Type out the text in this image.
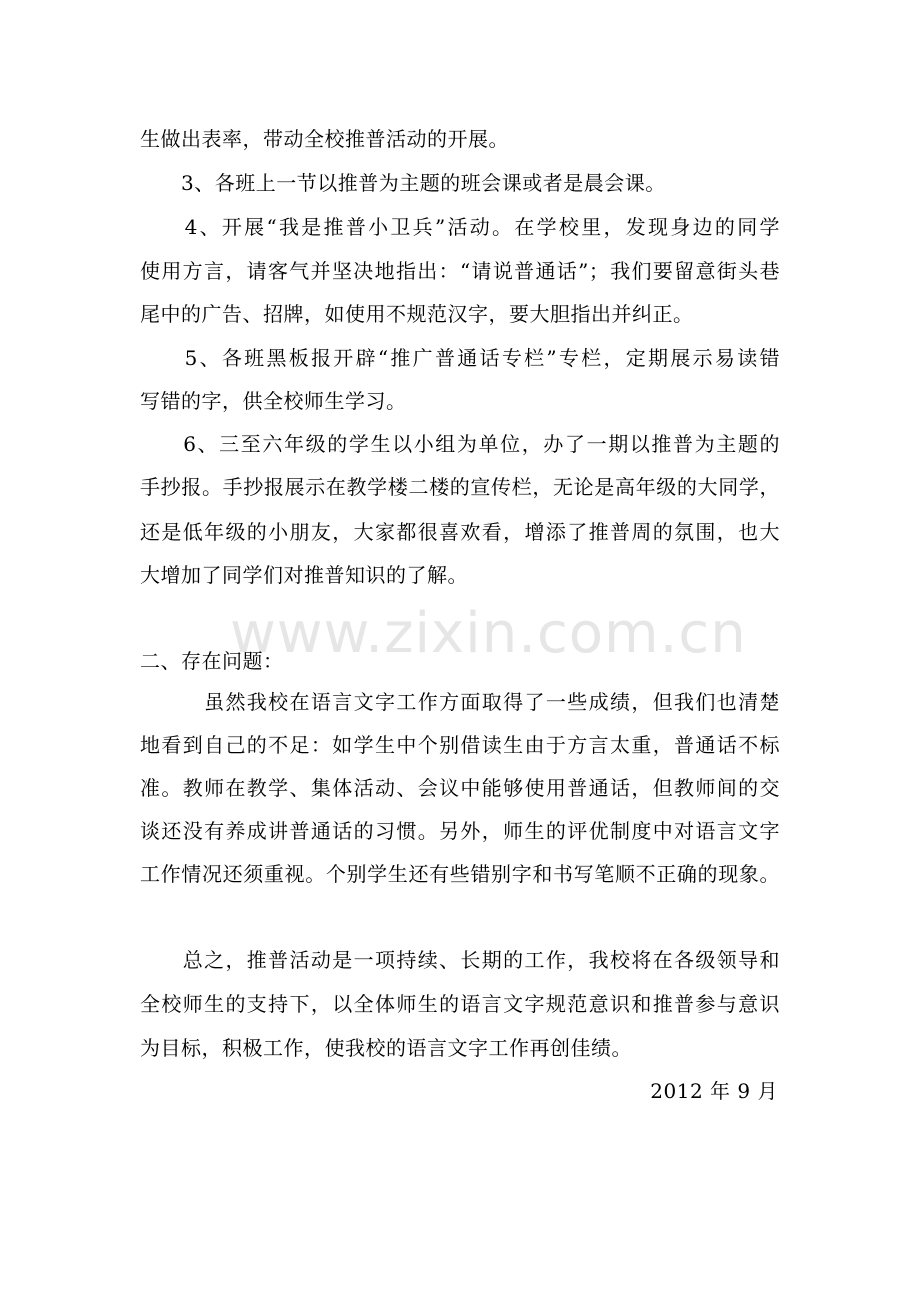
www.zixin.com.cn
生做出表率，带动全校推普活动的开展。
　　3、各班上一节以推普为主题的班会课或者是晨会课。
　　4、开展“我是推普小卫兵”活动。在学校里，发现身边的同学
使用方言，请客气并坚决地指出：“请说普通话”；我们要留意街头巷
尾中的广告、招牌，如使用不规范汉字，要大胆指出并纠正。
　　5、各班黑板报开辟“推广普通话专栏”专栏，定期展示易读错
写错的字，供全校师生学习。
　　6、三至六年级的学生以小组为单位，办了一期以推普为主题的
手抄报。手抄报展示在教学楼二楼的宣传栏，无论是高年级的大同学，
还是低年级的小朋友，大家都很喜欢看，增添了推普周的氛围，也大
大增加了同学们对推普知识的了解。
二、存在问题：
　　　虽然我校在语言文字工作方面取得了一些成绩，但我们也清楚
地看到自己的不足：如学生中个别借读生由于方言太重，普通话不标
准。教师在教学、集体活动、会议中能够使用普通话，但教师间的交
谈还没有养成讲普通话的习惯。另外，师生的评优制度中对语言文字
工作情况还须重视。个别学生还有些错别字和书写笔顺不正确的现象。
　　总之，推普活动是一项持续、长期的工作，我校将在各级领导和
全校师生的支持下，以全体师生的语言文字规范意识和推普参与意识
为目标，积极工作，使我校的语言文字工作再创佳绩。
2012 年 9 月
